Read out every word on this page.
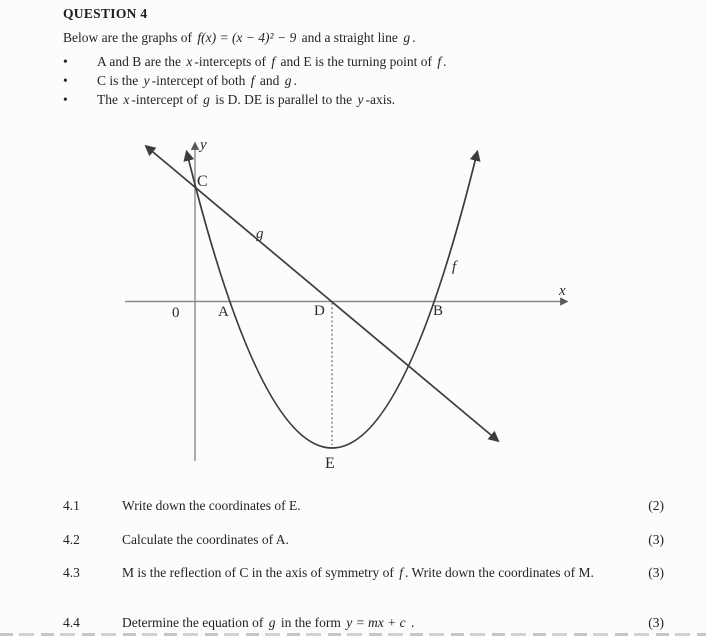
QUESTION 4
Below are the graphs of f(x) = (x − 4)² − 9 and a straight line g .
•	A and B are the x -intercepts of f and E is the turning point of f .
•	C is the y -intercept of both f and g .
•	The x -intercept of g is D. DE is parallel to the y -axis.
y
x
0
C
A	D	B
E
g
f
4.1	Write down the coordinates of E.	(2)
4.2	Calculate the coordinates of A.	(3)
4.3	M is the reflection of C in the axis of symmetry of f . Write down the coordinates of M.	(3)
4.4	Determine the equation of g in the form y = mx + c .	(3)
